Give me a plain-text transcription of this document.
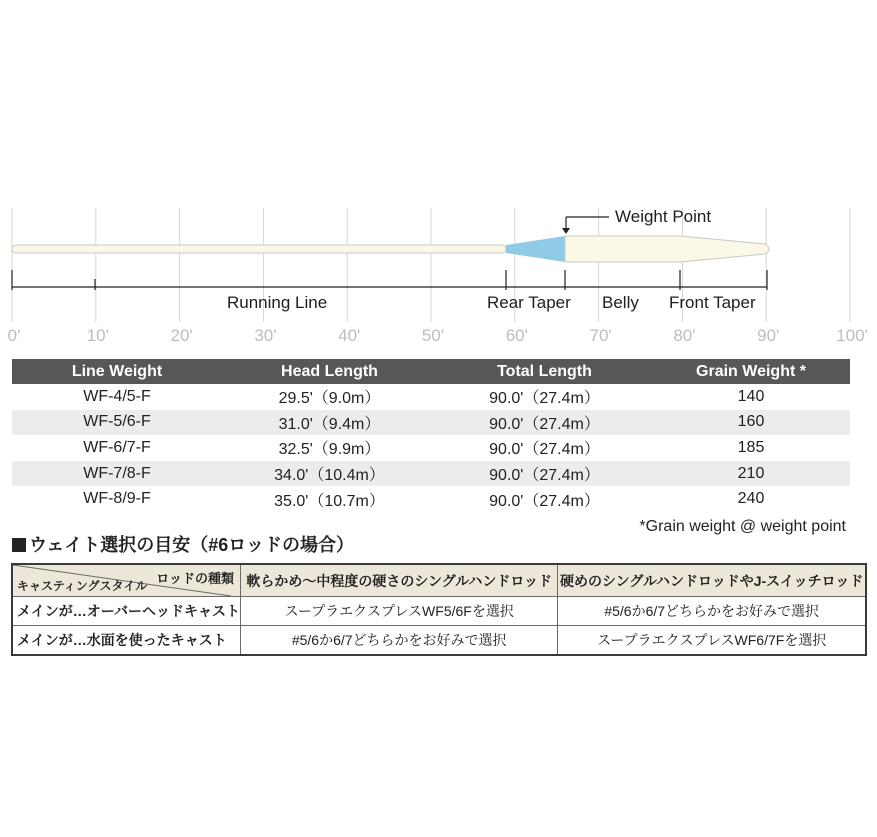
Weight Point
Running Line	Rear Taper Belly Front Taper
0'	10'	20'	30'	40'	50'	60'	70'	80'	90'	100'
Line Weight	Head Length	Total Length	Grain Weight *
WF-4/5-F	29.5'（9.0m）	90.0'（27.4m）	140
WF-5/6-F	31.0'（9.4m）	90.0'（27.4m）	160
WF-6/7-F	32.5'（9.9m）	90.0'（27.4m）	185
WF-7/8-F	34.0'（10.4m）	90.0'（27.4m）	210
WF-8/9-F	35.0'（10.7m）	90.0'（27.4m）	240
*Grain weight @ weight point
ウェイト選択の目安（#6ロッドの場合）
ロッドの種類
キャスティングスタイル	軟らかめ～中程度の硬さのシングルハンドロッド	硬めのシングルハンドロッドやJ-スイッチロッド
メインが…オーバーヘッドキャスト	スープラエクスプレスWF5/6Fを選択	#5/6か6/7どちらかをお好みで選択
メインが…水面を使ったキャスト	#5/6か6/7どちらかをお好みで選択	スープラエクスプレスWF6/7Fを選択
